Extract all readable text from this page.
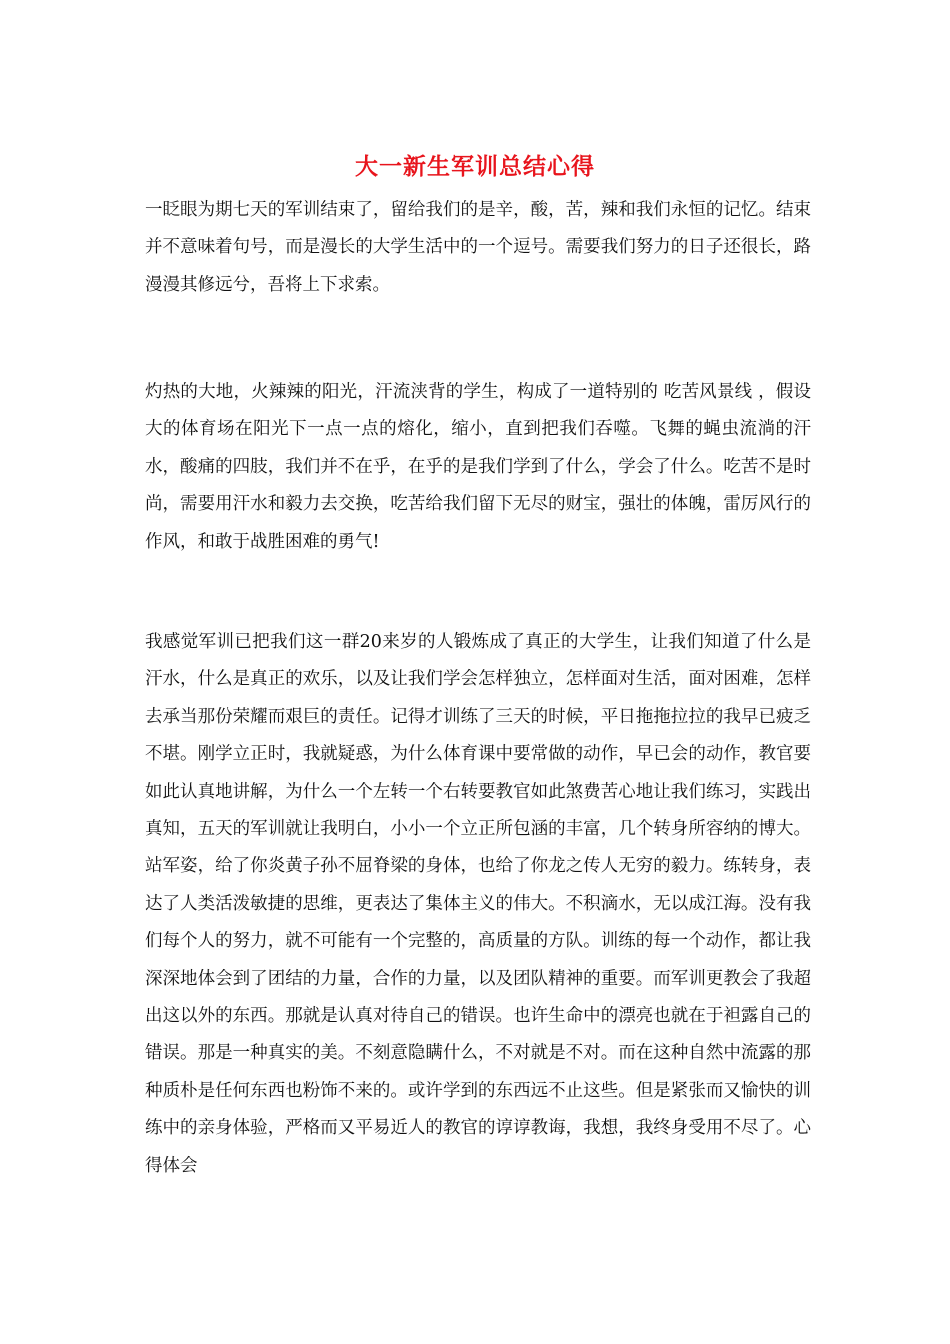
大一新生军训总结心得

一眨眼为期七天的军训结束了，留给我们的是辛，酸，苦，辣和我们永恒的记忆。结束并不意味着句号，而是漫长的大学生活中的一个逗号。需要我们努力的日子还很长，路漫漫其修远兮，吾将上下求索。

灼热的大地，火辣辣的阳光，汗流浃背的学生，构成了一道特别的 吃苦风景线 ，假设大的体育场在阳光下一点一点的熔化，缩小，直到把我们吞噬。飞舞的蝇虫流淌的汗水，酸痛的四肢，我们并不在乎，在乎的是我们学到了什么，学会了什么。吃苦不是时尚，需要用汗水和毅力去交换，吃苦给我们留下无尽的财宝，强壮的体魄，雷厉风行的作风，和敢于战胜困难的勇气!

我感觉军训已把我们这一群20来岁的人锻炼成了真正的大学生，让我们知道了什么是汗水，什么是真正的欢乐，以及让我们学会怎样独立，怎样面对生活，面对困难，怎样去承当那份荣耀而艰巨的责任。记得才训练了三天的时候，平日拖拖拉拉的我早已疲乏不堪。刚学立正时，我就疑惑，为什么体育课中要常做的动作，早已会的动作，教官要如此认真地讲解，为什么一个左转一个右转要教官如此煞费苦心地让我们练习，实践出真知，五天的军训就让我明白，小小一个立正所包涵的丰富，几个转身所容纳的博大。站军姿，给了你炎黄子孙不屈脊梁的身体，也给了你龙之传人无穷的毅力。练转身，表达了人类活泼敏捷的思维，更表达了集体主义的伟大。不积滴水，无以成江海。没有我们每个人的努力，就不可能有一个完整的，高质量的方队。训练的每一个动作，都让我深深地体会到了团结的力量，合作的力量，以及团队精神的重要。而军训更教会了我超出这以外的东西。那就是认真对待自己的错误。也许生命中的漂亮也就在于袒露自己的错误。那是一种真实的美。不刻意隐瞒什么，不对就是不对。而在这种自然中流露的那种质朴是任何东西也粉饰不来的。或许学到的东西远不止这些。但是紧张而又愉快的训练中的亲身体验，严格而又平易近人的教官的谆谆教诲，我想，我终身受用不尽了。心得体会
